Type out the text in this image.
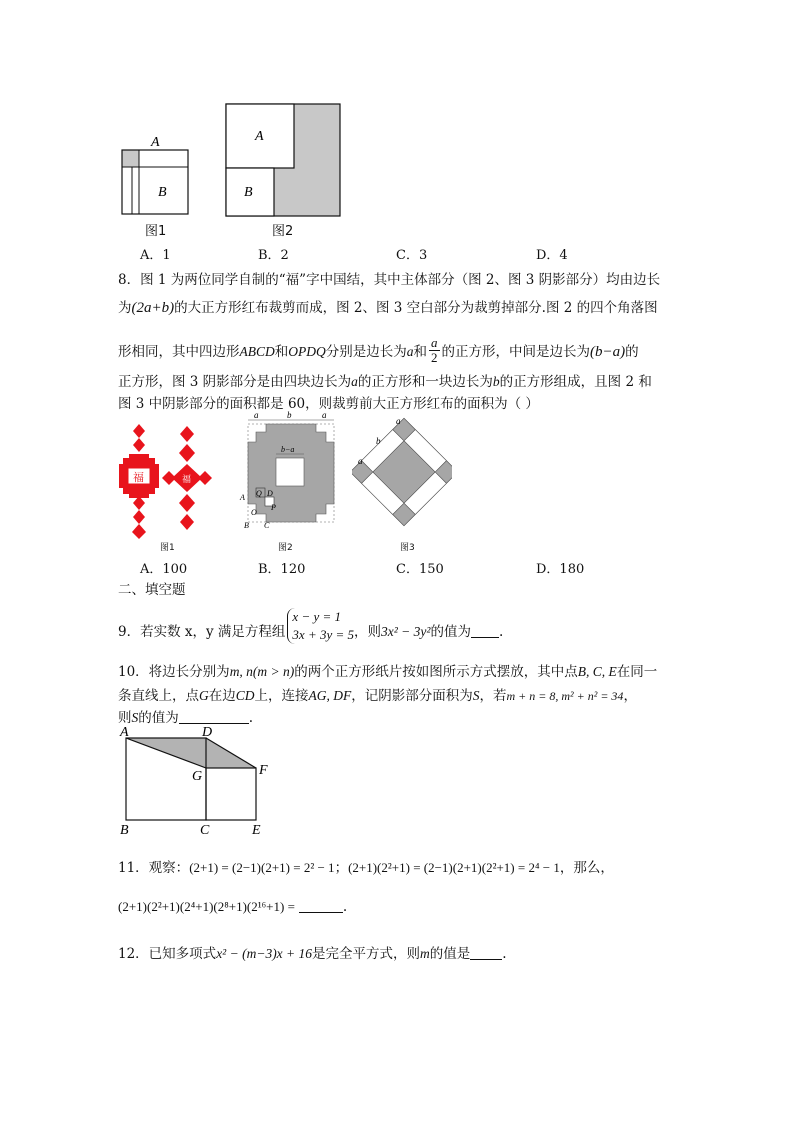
A
B
图1
A
B
图2
A．1	B．2	C．3	D．4
8．图 1 为两位同学自制的“福”字中国结，其中主体部分（图 2、图 3 阴影部分）均由边长
为(2a+b)的大正方形红布裁剪而成，图 2、图 3 空白部分为裁剪掉部分.图 2 的四个角落图
形相同，其中四边形ABCD和OPDQ分别是边长为a和 $\frac{a}{2}$ 的正方形，中间是边长为(b−a)的
正方形，图 3 阴影部分是由四块边长为a的正方形和一块边长为b的正方形组成，且图 2 和
图 3 中阴影部分的面积都是 60，则裁剪前大正方形红布的面积为（ ）
福	福
图1
a	b	a
b−a
A Q D
O
P
B C
图2
a
b
a
图3
A．100	B．120	C．150	D．180
二、填空题
9．若实数 x，y 满足方程组
x − y = 1
3x + 3y = 5 ，则3x² − 3y²的值为 .
10．将边长分别为m, n(m > n)的两个正方形纸片按如图所示方式摆放，其中点B, C, E在同一
条直线上，点G在边CD上，连接AG, DF，记阴影部分面积为S，若m + n = 8, m² + n² = 34，
则S的值为	.
A	D
G	F
B	C	E
11．观察：(2+1) = (2−1)(2+1) = 2² − 1；(2+1)(2²+1) = (2−1)(2+1)(2²+1) = 2⁴ − 1，那么，
(2+1)(2²+1)(2⁴+1)(2⁸+1)(2¹⁶+1) =	.
12．已知多项式x² − (m−3)x + 16是完全平方式，则m的值是 .
